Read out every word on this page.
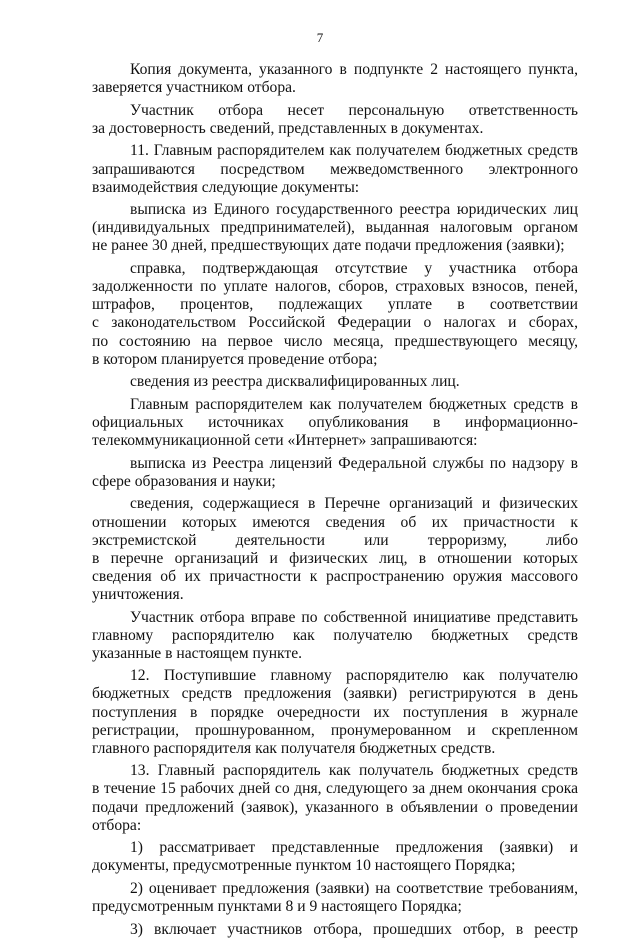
7
Копия документа, указанного в подпункте 2 настоящего пункта,
заверяется участником отбора.
Участник отбора несет персональную ответственность
за достоверность сведений, представленных в документах.
11. Главным распорядителем как получателем бюджетных средств
запрашиваются посредством межведомственного электронного
взаимодействия следующие документы:
выписка из Единого государственного реестра юридических лиц
(индивидуальных предпринимателей), выданная налоговым органом
не ранее 30 дней, предшествующих дате подачи предложения (заявки);
справка, подтверждающая отсутствие у участника отбора
задолженности по уплате налогов, сборов, страховых взносов, пеней,
штрафов, процентов, подлежащих уплате в соответствии
с законодательством Российской Федерации о налогах и сборах,
по состоянию на первое число месяца, предшествующего месяцу,
в котором планируется проведение отбора;
сведения из реестра дисквалифицированных лиц.
Главным распорядителем как получателем бюджетных средств в
официальных источниках опубликования в информационно-
телекоммуникационной сети «Интернет» запрашиваются:
выписка из Реестра лицензий Федеральной службы по надзору в
сфере образования и науки;
сведения, содержащиеся в Перечне организаций и физических
отношении которых имеются сведения об их причастности к
экстремистской деятельности или терроризму, либо
в перечне организаций и физических лиц, в отношении которых
сведения об их причастности к распространению оружия массового
уничтожения.
Участник отбора вправе по собственной инициативе представить
главному распорядителю как получателю бюджетных средств
указанные в настоящем пункте.
12. Поступившие главному распорядителю как получателю
бюджетных средств предложения (заявки) регистрируются в день
поступления в порядке очередности их поступления в журнале
регистрации, прошнурованном, пронумерованном и скрепленном
главного распорядителя как получателя бюджетных средств.
13. Главный распорядитель как получатель бюджетных средств
в течение 15 рабочих дней со дня, следующего за днем окончания срока
подачи предложений (заявок), указанного в объявлении о проведении
отбора:
1) рассматривает представленные предложения (заявки) и
документы, предусмотренные пунктом 10 настоящего Порядка;
2) оценивает предложения (заявки) на соответствие требованиям,
предусмотренным пунктами 8 и 9 настоящего Порядка;
3) включает участников отбора, прошедших отбор, в реестр
